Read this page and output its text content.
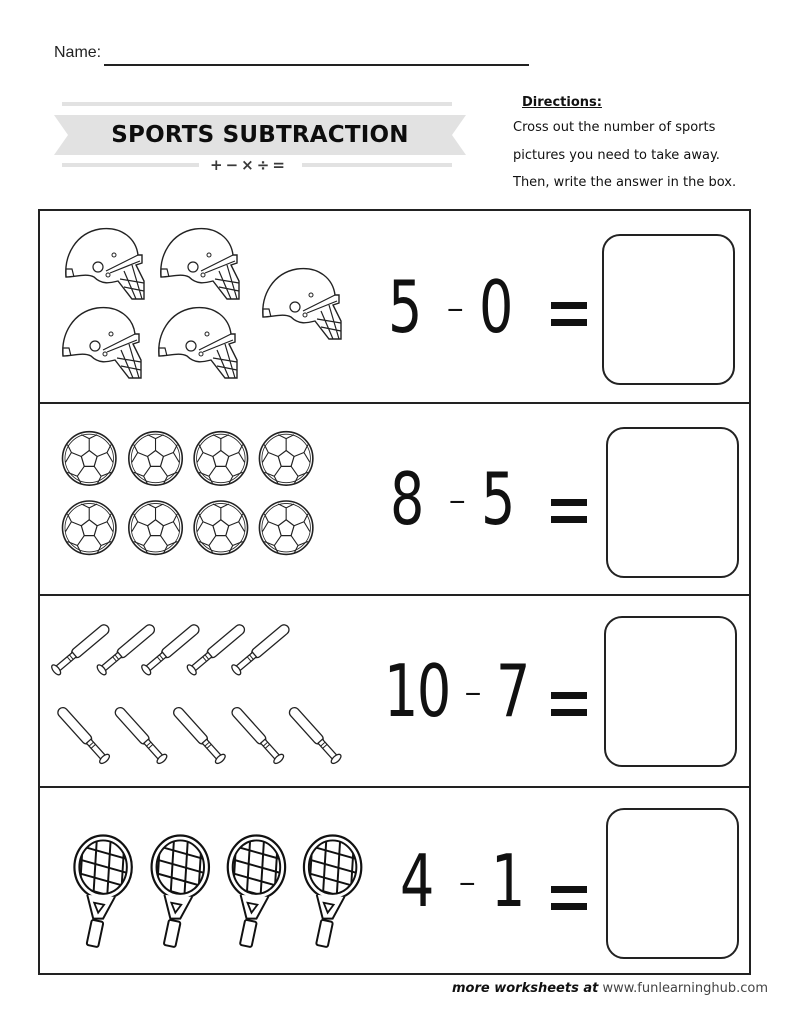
Name:
SPORTS SUBTRACTION
+ − × ÷ =
Directions:
Cross out the number of sports
pictures you need to take away.
Then, write the answer in the box.
5 - 0
8 - 5
10 - 7
4 - 1
more worksheets at www.funlearninghub.com
